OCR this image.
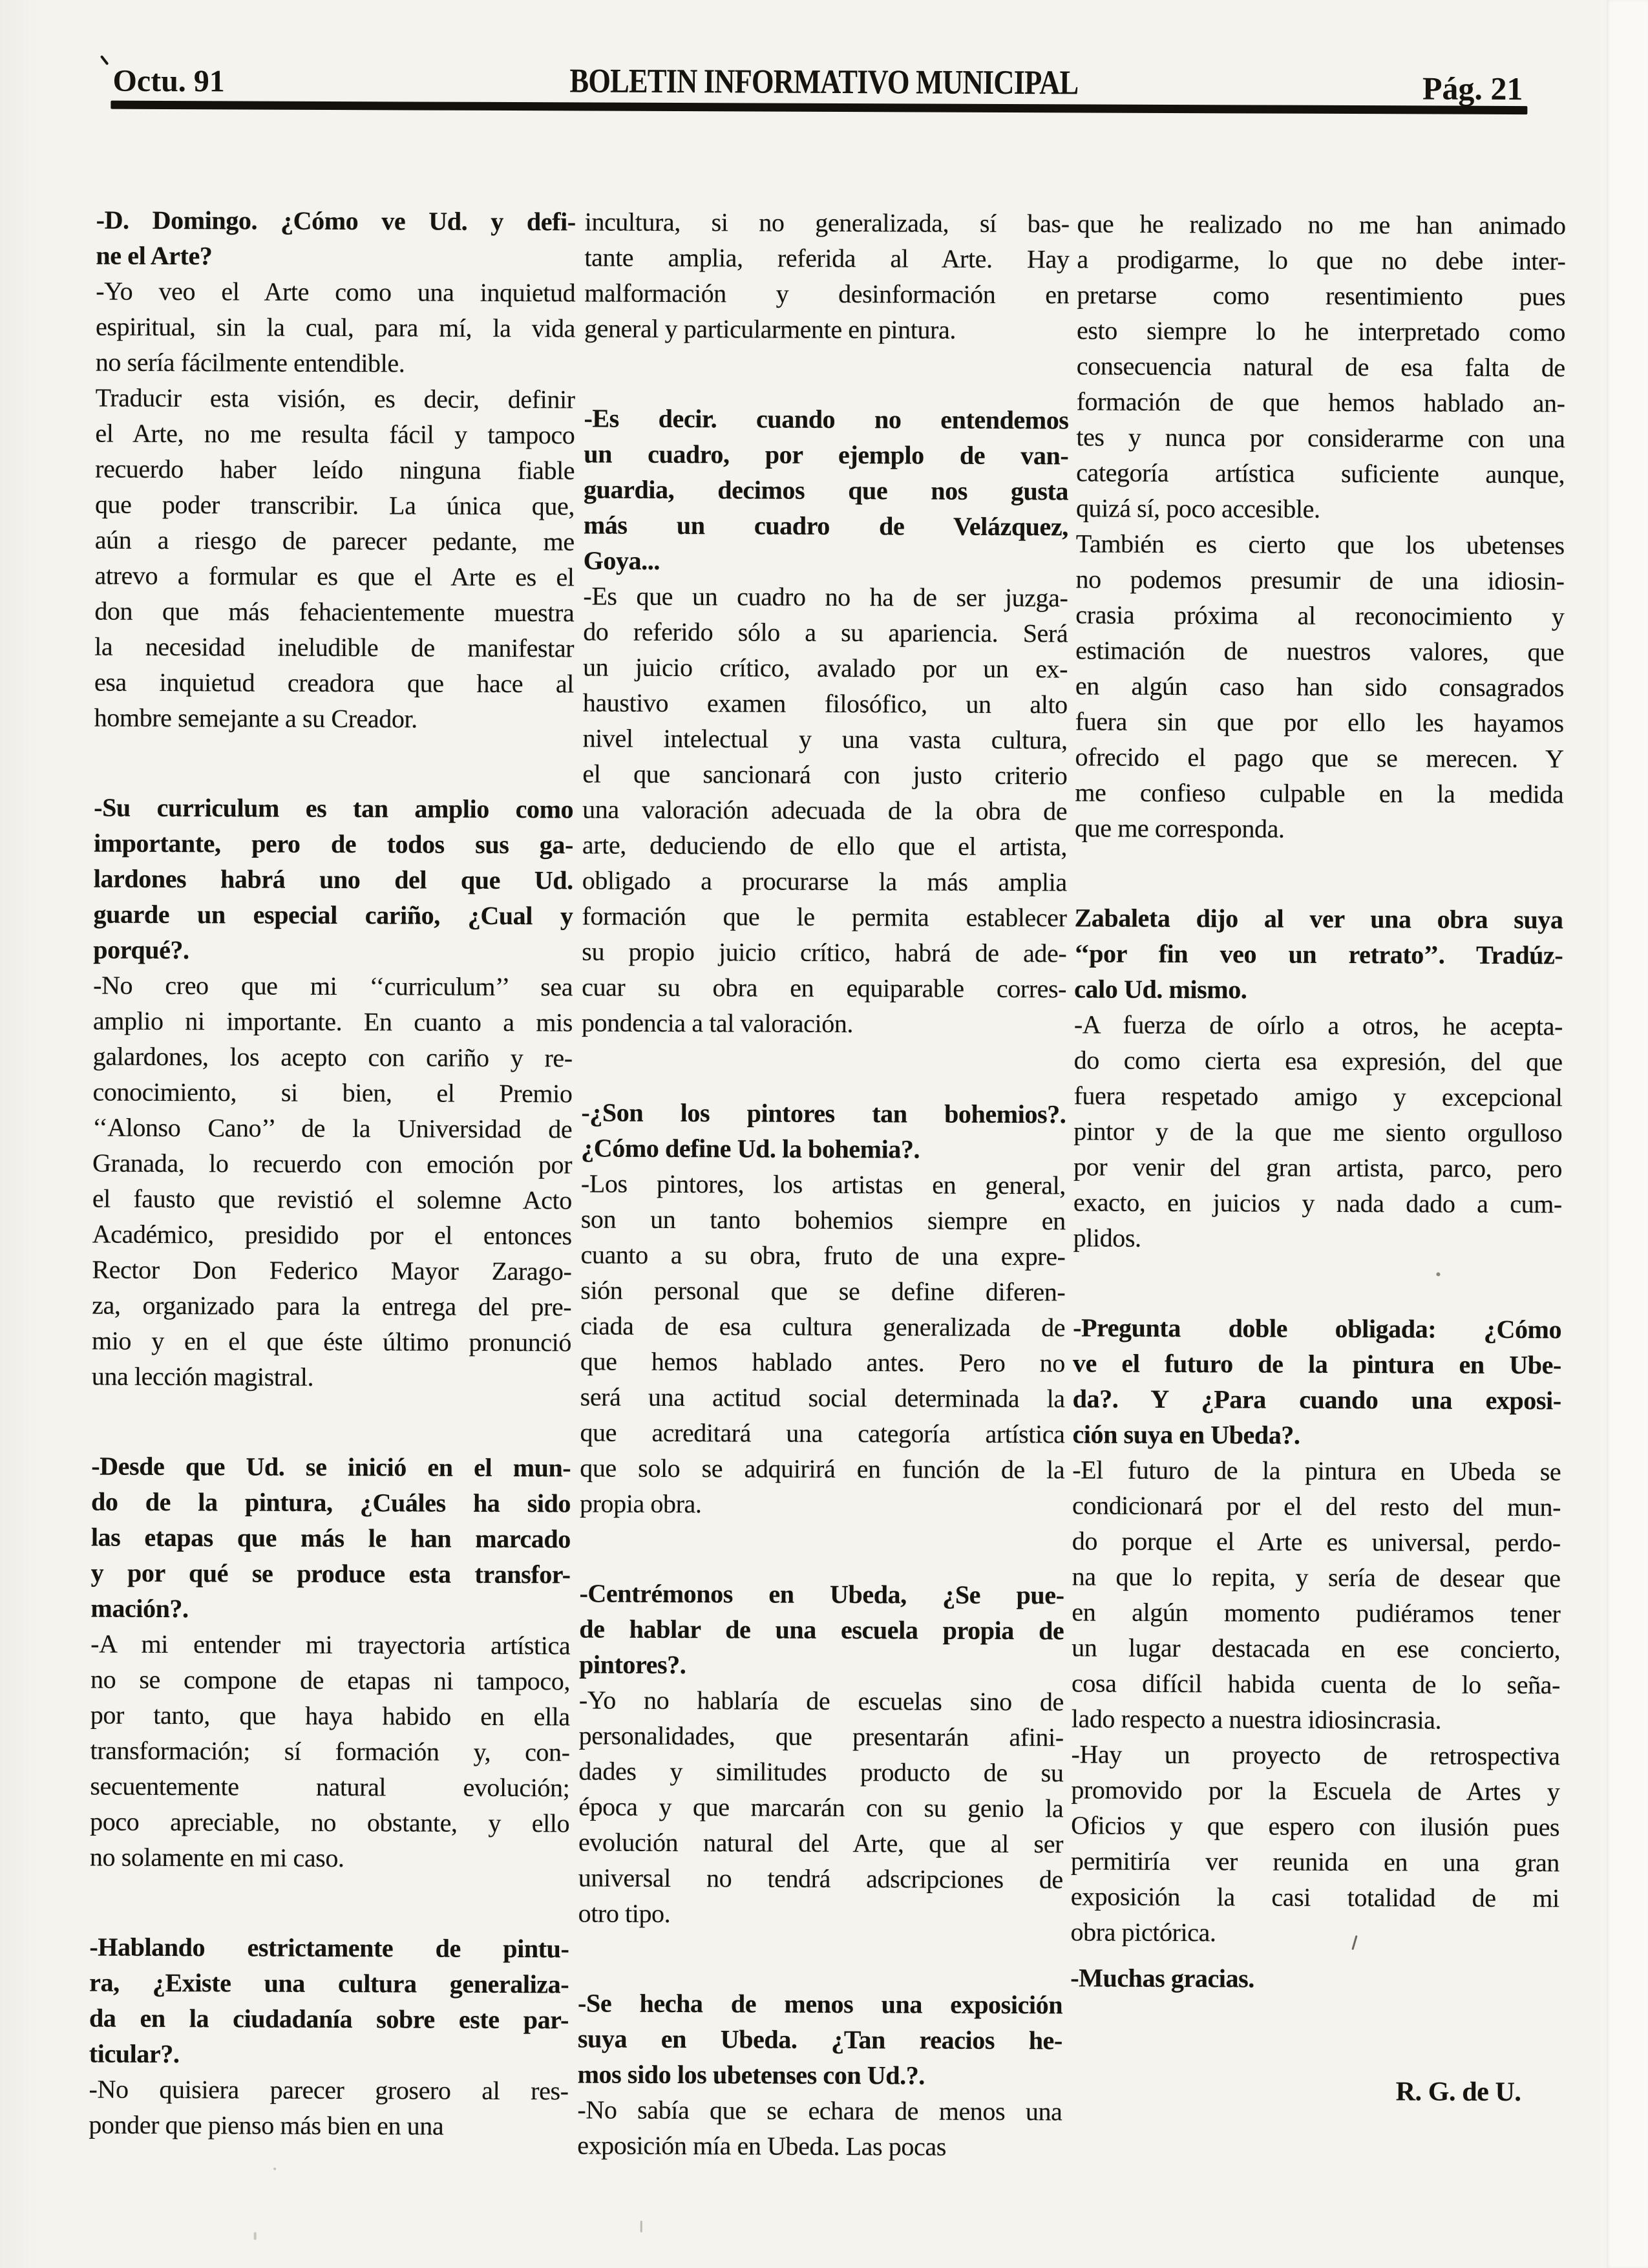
Octu. 91	BOLETIN INFORMATIVO MUNICIPAL	Pág. 21
-D. Domingo. ¿Cómo ve Ud. y defi-
ne el Arte?
-Yo veo el Arte como una inquietud
espiritual, sin la cual, para mí, la vida
no sería fácilmente entendible.
Traducir esta visión, es decir, definir
el Arte, no me resulta fácil y tampoco
recuerdo haber leído ninguna fiable
que poder transcribir. La única que,
aún a riesgo de parecer pedante, me
atrevo a formular es que el Arte es el
don que más fehacientemente muestra
la necesidad ineludible de manifestar
esa inquietud creadora que hace al
hombre semejante a su Creador.
-Su curriculum es tan amplio como
importante, pero de todos sus ga-
lardones habrá uno del que Ud.
guarde un especial cariño, ¿Cual y
porqué?.
-No creo que mi ‘‘curriculum’’ sea
amplio ni importante. En cuanto a mis
galardones, los acepto con cariño y re-
conocimiento, si bien, el Premio
‘‘Alonso Cano’’ de la Universidad de
Granada, lo recuerdo con emoción por
el fausto que revistió el solemne Acto
Académico, presidido por el entonces
Rector Don Federico Mayor Zarago-
za, organizado para la entrega del pre-
mio y en el que éste último pronunció
una lección magistral.
-Desde que Ud. se inició en el mun-
do de la pintura, ¿Cuáles ha sido
las etapas que más le han marcado
y por qué se produce esta transfor-
mación?.
-A mi entender mi trayectoria artística
no se compone de etapas ni tampoco,
por tanto, que haya habido en ella
transformación; sí formación y, con-
secuentemente natural evolución;
poco apreciable, no obstante, y ello
no solamente en mi caso.
-Hablando estrictamente de pintu-
ra, ¿Existe una cultura generaliza-
da en la ciudadanía sobre este par-
ticular?.
-No quisiera parecer grosero al res-
ponder que pienso más bien en una
incultura, si no generalizada, sí bas-
tante amplia, referida al Arte. Hay
malformación y desinformación en
general y particularmente en pintura.
-Es decir. cuando no entendemos
un cuadro, por ejemplo de van-
guardia, decimos que nos gusta
más un cuadro de Velázquez,
Goya...
-Es que un cuadro no ha de ser juzga-
do referido sólo a su apariencia. Será
un juicio crítico, avalado por un ex-
haustivo examen filosófico, un alto
nivel intelectual y una vasta cultura,
el que sancionará con justo criterio
una valoración adecuada de la obra de
arte, deduciendo de ello que el artista,
obligado a procurarse la más amplia
formación que le permita establecer
su propio juicio crítico, habrá de ade-
cuar su obra en equiparable corres-
pondencia a tal valoración.
-¿Son los pintores tan bohemios?.
¿Cómo define Ud. la bohemia?.
-Los pintores, los artistas en general,
son un tanto bohemios siempre en
cuanto a su obra, fruto de una expre-
sión personal que se define diferen-
ciada de esa cultura generalizada de
que hemos hablado antes. Pero no
será una actitud social determinada la
que acreditará una categoría artística
que solo se adquirirá en función de la
propia obra.
-Centrémonos en Ubeda, ¿Se pue-
de hablar de una escuela propia de
pintores?.
-Yo no hablaría de escuelas sino de
personalidades, que presentarán afini-
dades y similitudes producto de su
época y que marcarán con su genio la
evolución natural del Arte, que al ser
universal no tendrá adscripciones de
otro tipo.
-Se hecha de menos una exposición
suya en Ubeda. ¿Tan reacios he-
mos sido los ubetenses con Ud.?.
-No sabía que se echara de menos una
exposición mía en Ubeda. Las pocas
que he realizado no me han animado
a prodigarme, lo que no debe inter-
pretarse como resentimiento pues
esto siempre lo he interpretado como
consecuencia natural de esa falta de
formación de que hemos hablado an-
tes y nunca por considerarme con una
categoría artística suficiente aunque,
quizá sí, poco accesible.
También es cierto que los ubetenses
no podemos presumir de una idiosin-
crasia próxima al reconocimiento y
estimación de nuestros valores, que
en algún caso han sido consagrados
fuera sin que por ello les hayamos
ofrecido el pago que se merecen. Y
me confieso culpable en la medida
que me corresponda.
Zabaleta dijo al ver una obra suya
‘‘por fin veo un retrato’’. Tradúz-
calo Ud. mismo.
-A fuerza de oírlo a otros, he acepta-
do como cierta esa expresión, del que
fuera respetado amigo y excepcional
pintor y de la que me siento orgulloso
por venir del gran artista, parco, pero
exacto, en juicios y nada dado a cum-
plidos.
-Pregunta doble obligada: ¿Cómo
ve el futuro de la pintura en Ube-
da?. Y ¿Para cuando una exposi-
ción suya en Ubeda?.
-El futuro de la pintura en Ubeda se
condicionará por el del resto del mun-
do porque el Arte es universal, perdo-
na que lo repita, y sería de desear que
en algún momento pudiéramos tener
un lugar destacada en ese concierto,
cosa difícil habida cuenta de lo seña-
lado respecto a nuestra idiosincrasia.
-Hay un proyecto de retrospectiva
promovido por la Escuela de Artes y
Oficios y que espero con ilusión pues
permitiría ver reunida en una gran
exposición la casi totalidad de mi
obra pictórica.
-Muchas gracias.
R. G. de U.
